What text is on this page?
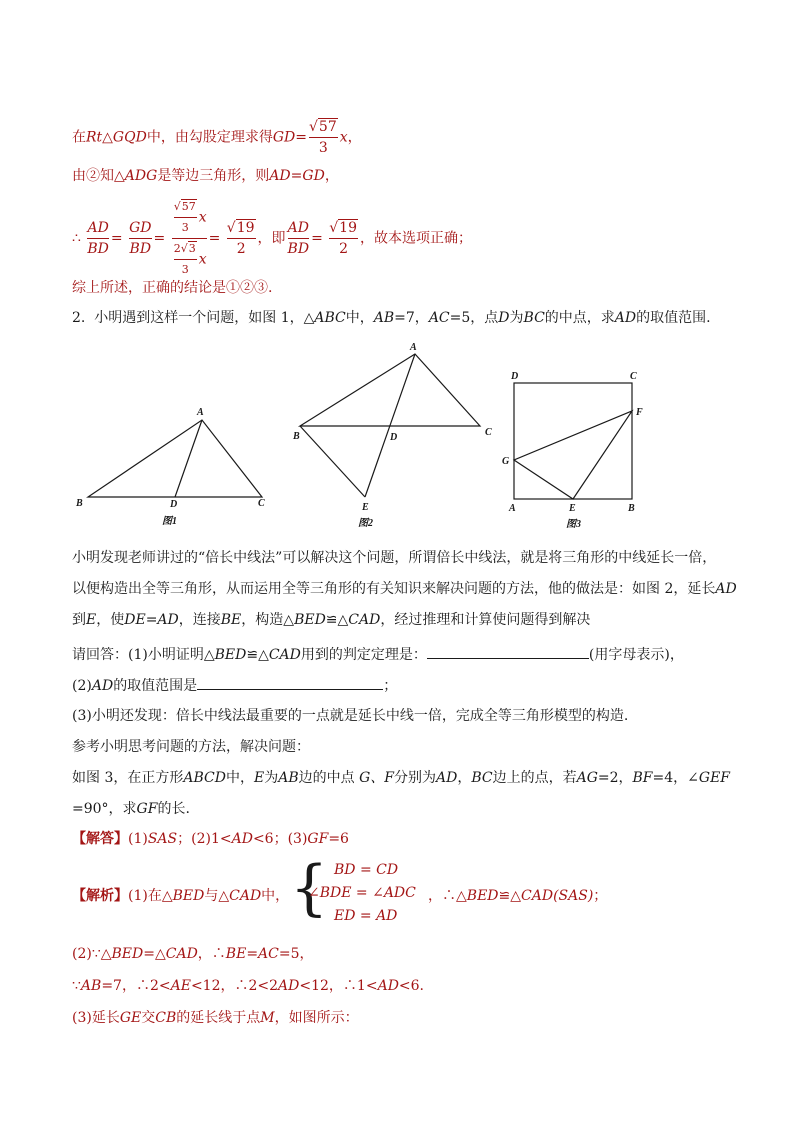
在Rt△GQD中，由勾股定理求得$GD= \frac{√57}{3}$ x，
由②知△ADG是等边三角形，则AD=GD，
∴ $\frac{AD}{BD} = \frac{GD}{BD} = \frac{\frac{√57}{3} x}{\frac{2√3}{3} x} = \frac{√19}{2}$ ，即 $\frac{AD}{BD} = \frac{√19}{2}$ ，故本选项正确；
综上所述，正确的结论是①②③.
2. 小明遇到这样一个问题，如图 1，△ABC中，AB=7，AC=5，点D为BC的中点，求AD的取值范围.
A
B	C
D
图1
A
B	C
D
E
图2
D	C
F
G
A	E	B
图3
小明发现老师讲过的“倍长中线法”可以解决这个问题，所谓倍长中线法，就是将三角形的中线延长一倍，
以便构造出全等三角形，从而运用全等三角形的有关知识来解决问题的方法，他的做法是：如图 2，延长AD
到E，使DE=AD，连接BE，构造△BED≌△CAD，经过推理和计算使问题得到解决
请回答：(1)小明证明△BED≌△CAD用到的判定定理是：	(用字母表示)，
(2)AD的取值范围是	；
(3)小明还发现：倍长中线法最重要的一点就是延长中线一倍，完成全等三角形模型的构造.
参考小明思考问题的方法，解决问题：
如图 3，在正方形ABCD中，E为AB边的中点 G、F分别为AD，BC边上的点，若AG=2，BF=4，∠GEF
=90°，求GF的长.
【解答】(1)SAS；(2)1<AD<6；(3)GF=6
【解析】(1)在△BED与△CAD中， { BD = CD
∠BDE = ∠ADC
ED = AD
，∴△BED≌△CAD(SAS)；
(2)∵△BED=△CAD，∴BE=AC=5，
∵AB=7，∴2<AE<12，∴2<2AD<12，∴1<AD<6.
(3)延长GE交CB的延长线于点M，如图所示：
